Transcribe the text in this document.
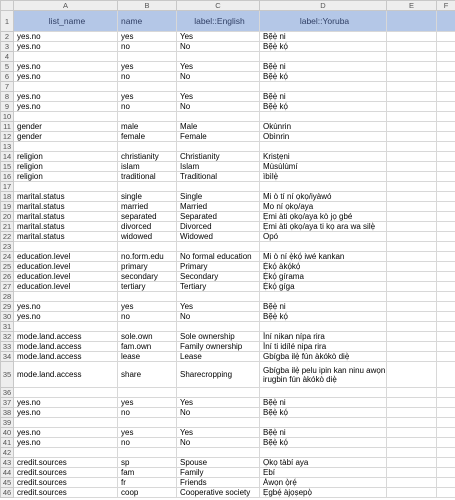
	A	B	C	D	E	F
1	list_name	name	label::English	label::Yoruba		
2	yes.no	yes	Yes	Bẹ̃ẹ̀ ni		
3	yes.no	no	No	Bẹ̃ẹ̀ kọ́		
4						
5	yes.no	yes	Yes	Bẹ̃ẹ̀ ni		
6	yes.no	no	No	Bẹ̃ẹ̀ kọ́		
7						
8	yes.no	yes	Yes	Bẹ̃ẹ̀ ni		
9	yes.no	no	No	Bẹ̃ẹ̀ kọ́		
10						
11	gender	male	Male	Okùnrin		
12	gender	female	Female	Obìnrin		
13						
14	religion	christianity	Christianity	Krisṭẹni		
15	religion	islam	Islam	Mùsùlùmí		
16	religion	traditional	Traditional	ìbìlẹ̀		
17						
18	marital.status	single	Single	Mi ò tí ní ọkọ/iyàwó		
19	marital.status	married	Married	Mo ní ọkọ/aya		
20	marital.status	separated	Separated	Ẹmi àti ọkọ/aya kò jọ gbé		
21	marital.status	divorced	Divorced	Ẹmi àti ọkọ/aya ti kọ ara wa silẹ̀		
22	marital.status	widowed	Widowed	Opó		
23						
24	education.level	no.form.edu	No formal education	Mi ò ní ẹ̀kọ́ iwé kankan		
25	education.level	primary	Primary	Ẹ̀kọ́ àkọ́kọ́		
26	education.level	secondary	Secondary	Ẹ̀kọ́ gírama		
27	education.level	tertiary	Tertiary	Ẹ̀kọ́ gíga		
28						
29	yes.no	yes	Yes	Bẹ̃ẹ̀ ni		
30	yes.no	no	No	Bẹ̃ẹ̀ kọ́		
31						
32	mode.land.access	sole.own	Sole ownership	Ìní nikan nípa rira		
33	mode.land.access	fam.own	Family ownership	Ìní ti idílé nipa rira		
34	mode.land.access	lease	Lease	Gbígba ilẹ̀ fún àkókò diẹ̀		
35	mode.land.access	share	Sharecropping	Gbígba ilẹ̀ pelu ipin kan ninu awọn irugbin fún àkókò diẹ̀		
36						
37	yes.no	yes	Yes	Bẹ̃ẹ̀ ni		
38	yes.no	no	No	Bẹ̃ẹ̀ kọ́		
39						
40	yes.no	yes	Yes	Bẹ̃ẹ̀ ni		
41	yes.no	no	No	Bẹ̃ẹ̀ kọ́		
42						
43	credit.sources	sp	Spouse	Ọkọ tàbí aya		
44	credit.sources	fam	Family	Ebí		
45	credit.sources	fr	Friends	Àwọn ọ̀rẹ́		
46	credit.sources	coop	Cooperative society	Ẹgbẹ́ àjọṣepọ̀		
